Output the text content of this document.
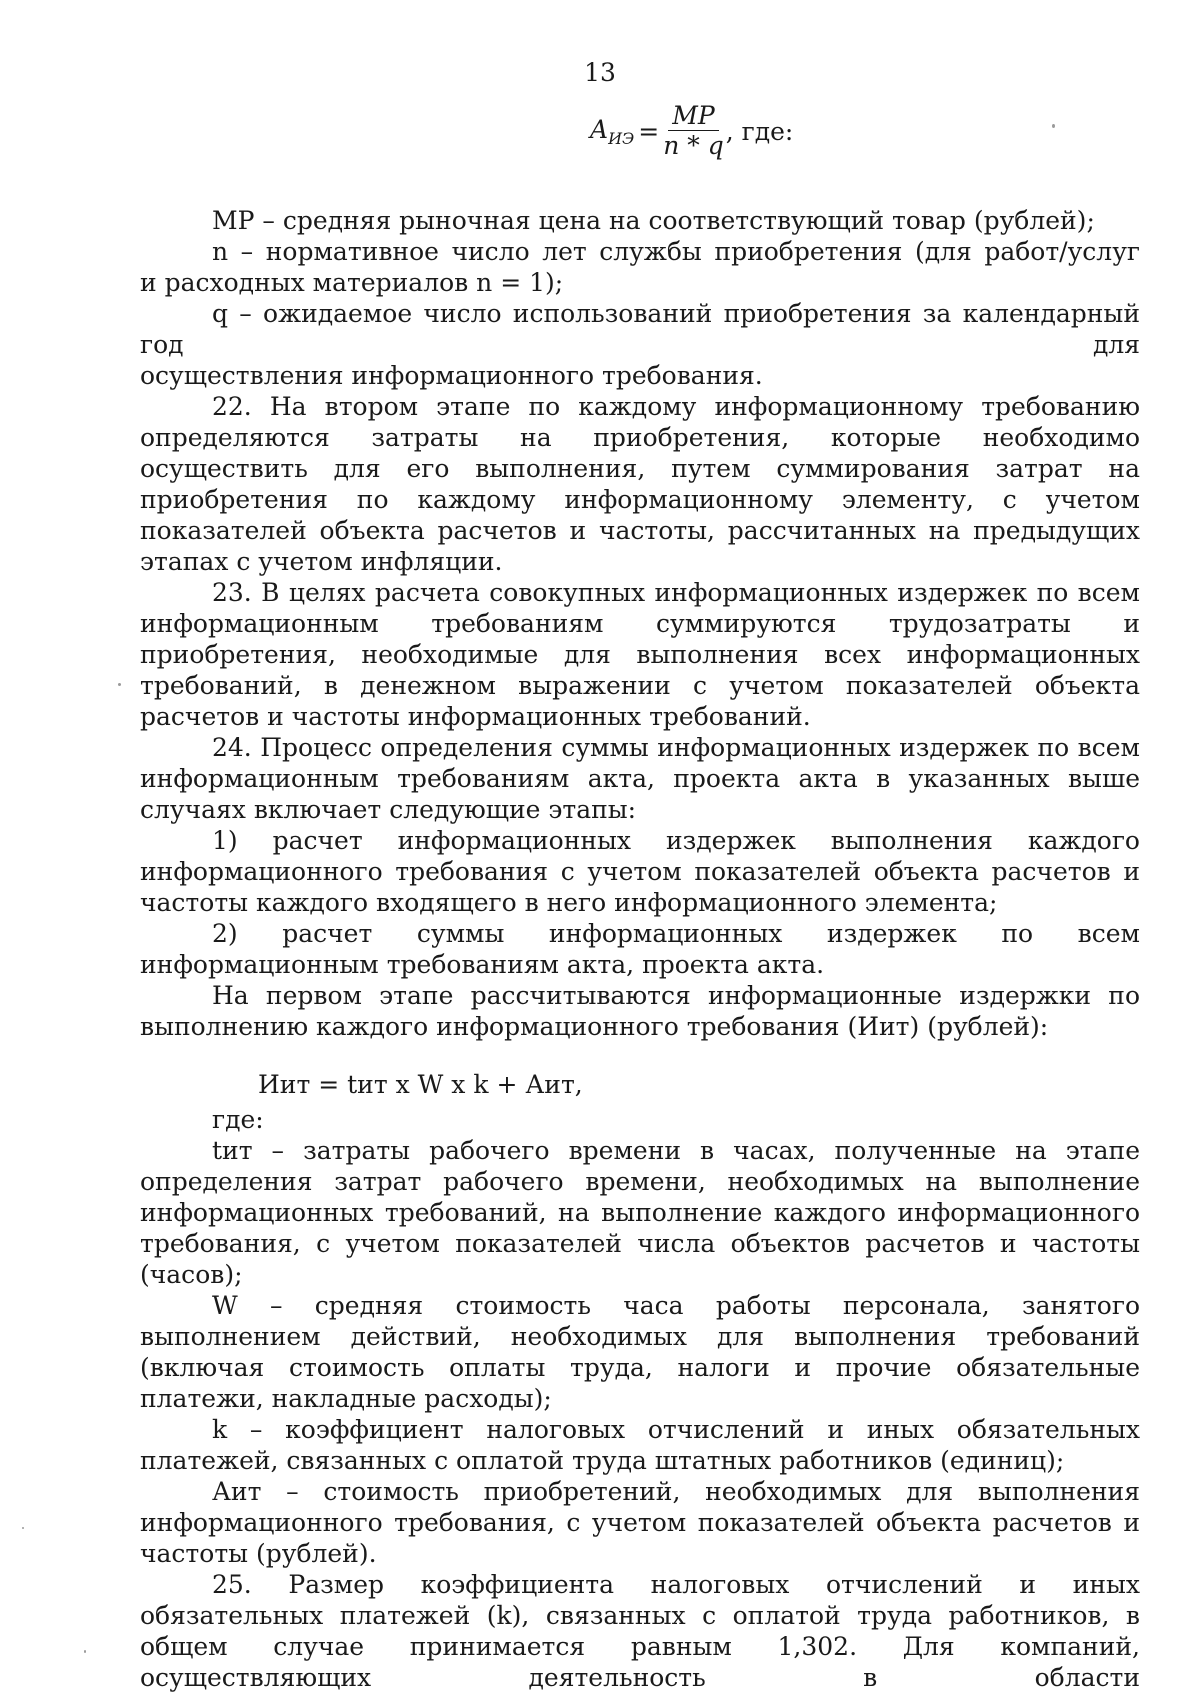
13
$A_{ИЭ} = \frac{MP}{n * q}$ , где:

МР – средняя рыночная цена на соответствующий товар (рублей);

n – нормативное число лет службы приобретения (для работ/услуг

и расходных материалов n = 1);

q – ожидаемое число использований приобретения за календарный год для

осуществления информационного требования.

22. На втором этапе по каждому информационному требованию определяются затраты на приобретения, которые необходимо осуществить для его выполнения, путем суммирования затрат на приобретения по каждому информационному элементу, с учетом показателей объекта расчетов и частоты, рассчитанных на предыдущих этапах с учетом инфляции.

23. В целях расчета совокупных информационных издержек по всем информационным требованиям суммируются трудозатраты и приобретения, необходимые для выполнения всех информационных требований, в денежном выражении с учетом показателей объекта расчетов и частоты информационных требований.

24. Процесс определения суммы информационных издержек по всем информационным требованиям акта, проекта акта в указанных выше случаях включает следующие этапы:

1) расчет информационных издержек выполнения каждого информационного требования с учетом показателей объекта расчетов и частоты каждого входящего в него информационного элемента;

2) расчет суммы информационных издержек по всем информационным требованиям акта, проекта акта.

На первом этапе рассчитываются информационные издержки по выполнению каждого информационного требования (Иит) (рублей):

Иит = tит x W x k + Аит,

где:

tит – затраты рабочего времени в часах, полученные на этапе определения затрат рабочего времени, необходимых на выполнение информационных требований, на выполнение каждого информационного требования, с учетом показателей числа объектов расчетов и частоты (часов);

W – средняя стоимость часа работы персонала, занятого выполнением действий, необходимых для выполнения требований (включая стоимость оплаты труда, налоги и прочие обязательные платежи, накладные расходы);

k – коэффициент налоговых отчислений и иных обязательных платежей, связанных с оплатой труда штатных работников (единиц);

Аит – стоимость приобретений, необходимых для выполнения информационного требования, с учетом показателей объекта расчетов и частоты (рублей).

25. Размер коэффициента налоговых отчислений и иных обязательных платежей (k), связанных с оплатой труда работников, в общем случае принимается равным 1,302. Для компаний, осуществляющих деятельность в области
